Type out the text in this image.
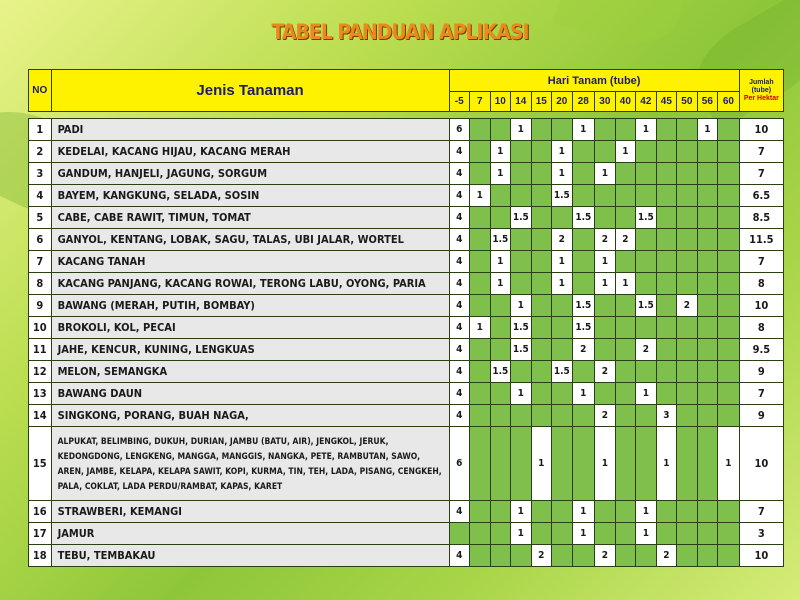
TABEL PANDUAN APLIKASI
NO	Jenis Tanaman	Hari Tanam (tube)														Jumlah
(tube)
Per Hektar

		-5	7	10	14	15	20	28	30	40	42	45	50	56	60	

1	PADI	6			1			1			1			1		10
2	KEDELAI, KACANG HIJAU, KACANG MERAH	4		1			1			1						7
3	GANDUM, HANJELI, JAGUNG, SORGUM	4		1			1		1							7
4	BAYEM, KANGKUNG, SELADA, SOSIN	4	1				1.5									6.5
5	CABE, CABE RAWIT, TIMUN, TOMAT	4			1.5			1.5			1.5					8.5
6	GANYOL, KENTANG, LOBAK, SAGU, TALAS, UBI JALAR, WORTEL	4		1.5			2		2	2						11.5
7	KACANG TANAH	4		1			1		1							7
8	KACANG PANJANG, KACANG ROWAI, TERONG LABU, OYONG, PARIA	4		1			1		1	1						8
9	BAWANG (MERAH, PUTIH, BOMBAY)	4			1			1.5			1.5		2			10
10	BROKOLI, KOL, PECAI	4	1		1.5			1.5								8
11	JAHE, KENCUR, KUNING, LENGKUAS	4			1.5			2			2					9.5
12	MELON, SEMANGKA	4		1.5			1.5		2							9
13	BAWANG DAUN	4			1			1			1					7
14	SINGKONG, PORANG, BUAH NAGA,	4							2			3				9
15	ALPUKAT, BELIMBING, DUKUH, DURIAN, JAMBU (BATU, AIR), JENGKOL, JERUK, KEDONGDONG, LENGKENG, MANGGA, MANGGIS, NANGKA, PETE, RAMBUTAN, SAWO, AREN, JAMBE, KELAPA, KELAPA SAWIT, KOPI, KURMA, TIN, TEH, LADA, PISANG, CENGKEH, PALA, COKLAT, LADA PERDU/RAMBAT, KAPAS, KARET	6				1			1			1			1	10
16	STRAWBERI, KEMANGI	4			1			1			1					7
17	JAMUR				1			1			1					3
18	TEBU, TEMBAKAU	4				2			2			2				10
